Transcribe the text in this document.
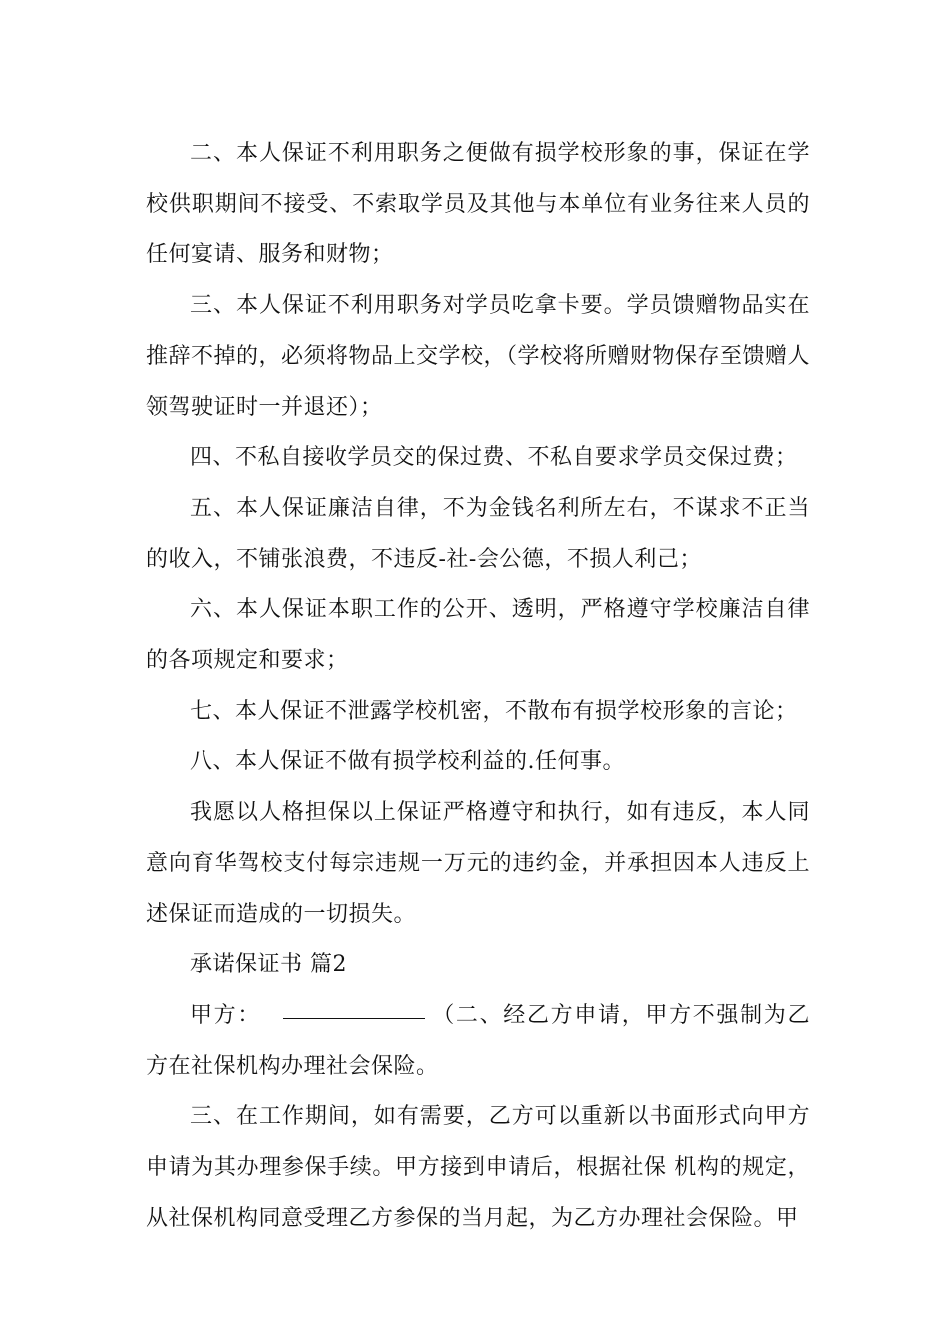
二、本人保证不利用职务之便做有损学校形象的事，保证在学校供职期间不接受、不索取学员及其他与本单位有业务往来人员的任何宴请、服务和财物；

三、本人保证不利用职务对学员吃拿卡要。学员馈赠物品实在推辞不掉的，必须将物品上交学校，（学校将所赠财物保存至馈赠人领驾驶证时一并退还）；

四、不私自接收学员交的保过费、不私自要求学员交保过费；

五、本人保证廉洁自律，不为金钱名利所左右，不谋求不正当的收入，不铺张浪费，不违反-社-会公德，不损人利己；

六、本人保证本职工作的公开、透明，严格遵守学校廉洁自律的各项规定和要求；

七、本人保证不泄露学校机密，不散布有损学校形象的言论；

八、本人保证不做有损学校利益的.任何事。

我愿以人格担保以上保证严格遵守和执行，如有违反，本人同意向育华驾校支付每宗违规一万元的违约金，并承担因本人违反上述保证而造成的一切损失。

承诺保证书 篇2

甲方：	（二、经乙方申请，甲方不强制为乙方在社保机构办理社会保险。

三、在工作期间，如有需要，乙方可以重新以书面形式向甲方申请为其办理参保手续。甲方接到申请后，根据社保 机构的规定，从社保机构同意受理乙方参保的当月起，为乙方办理社会保险。甲
